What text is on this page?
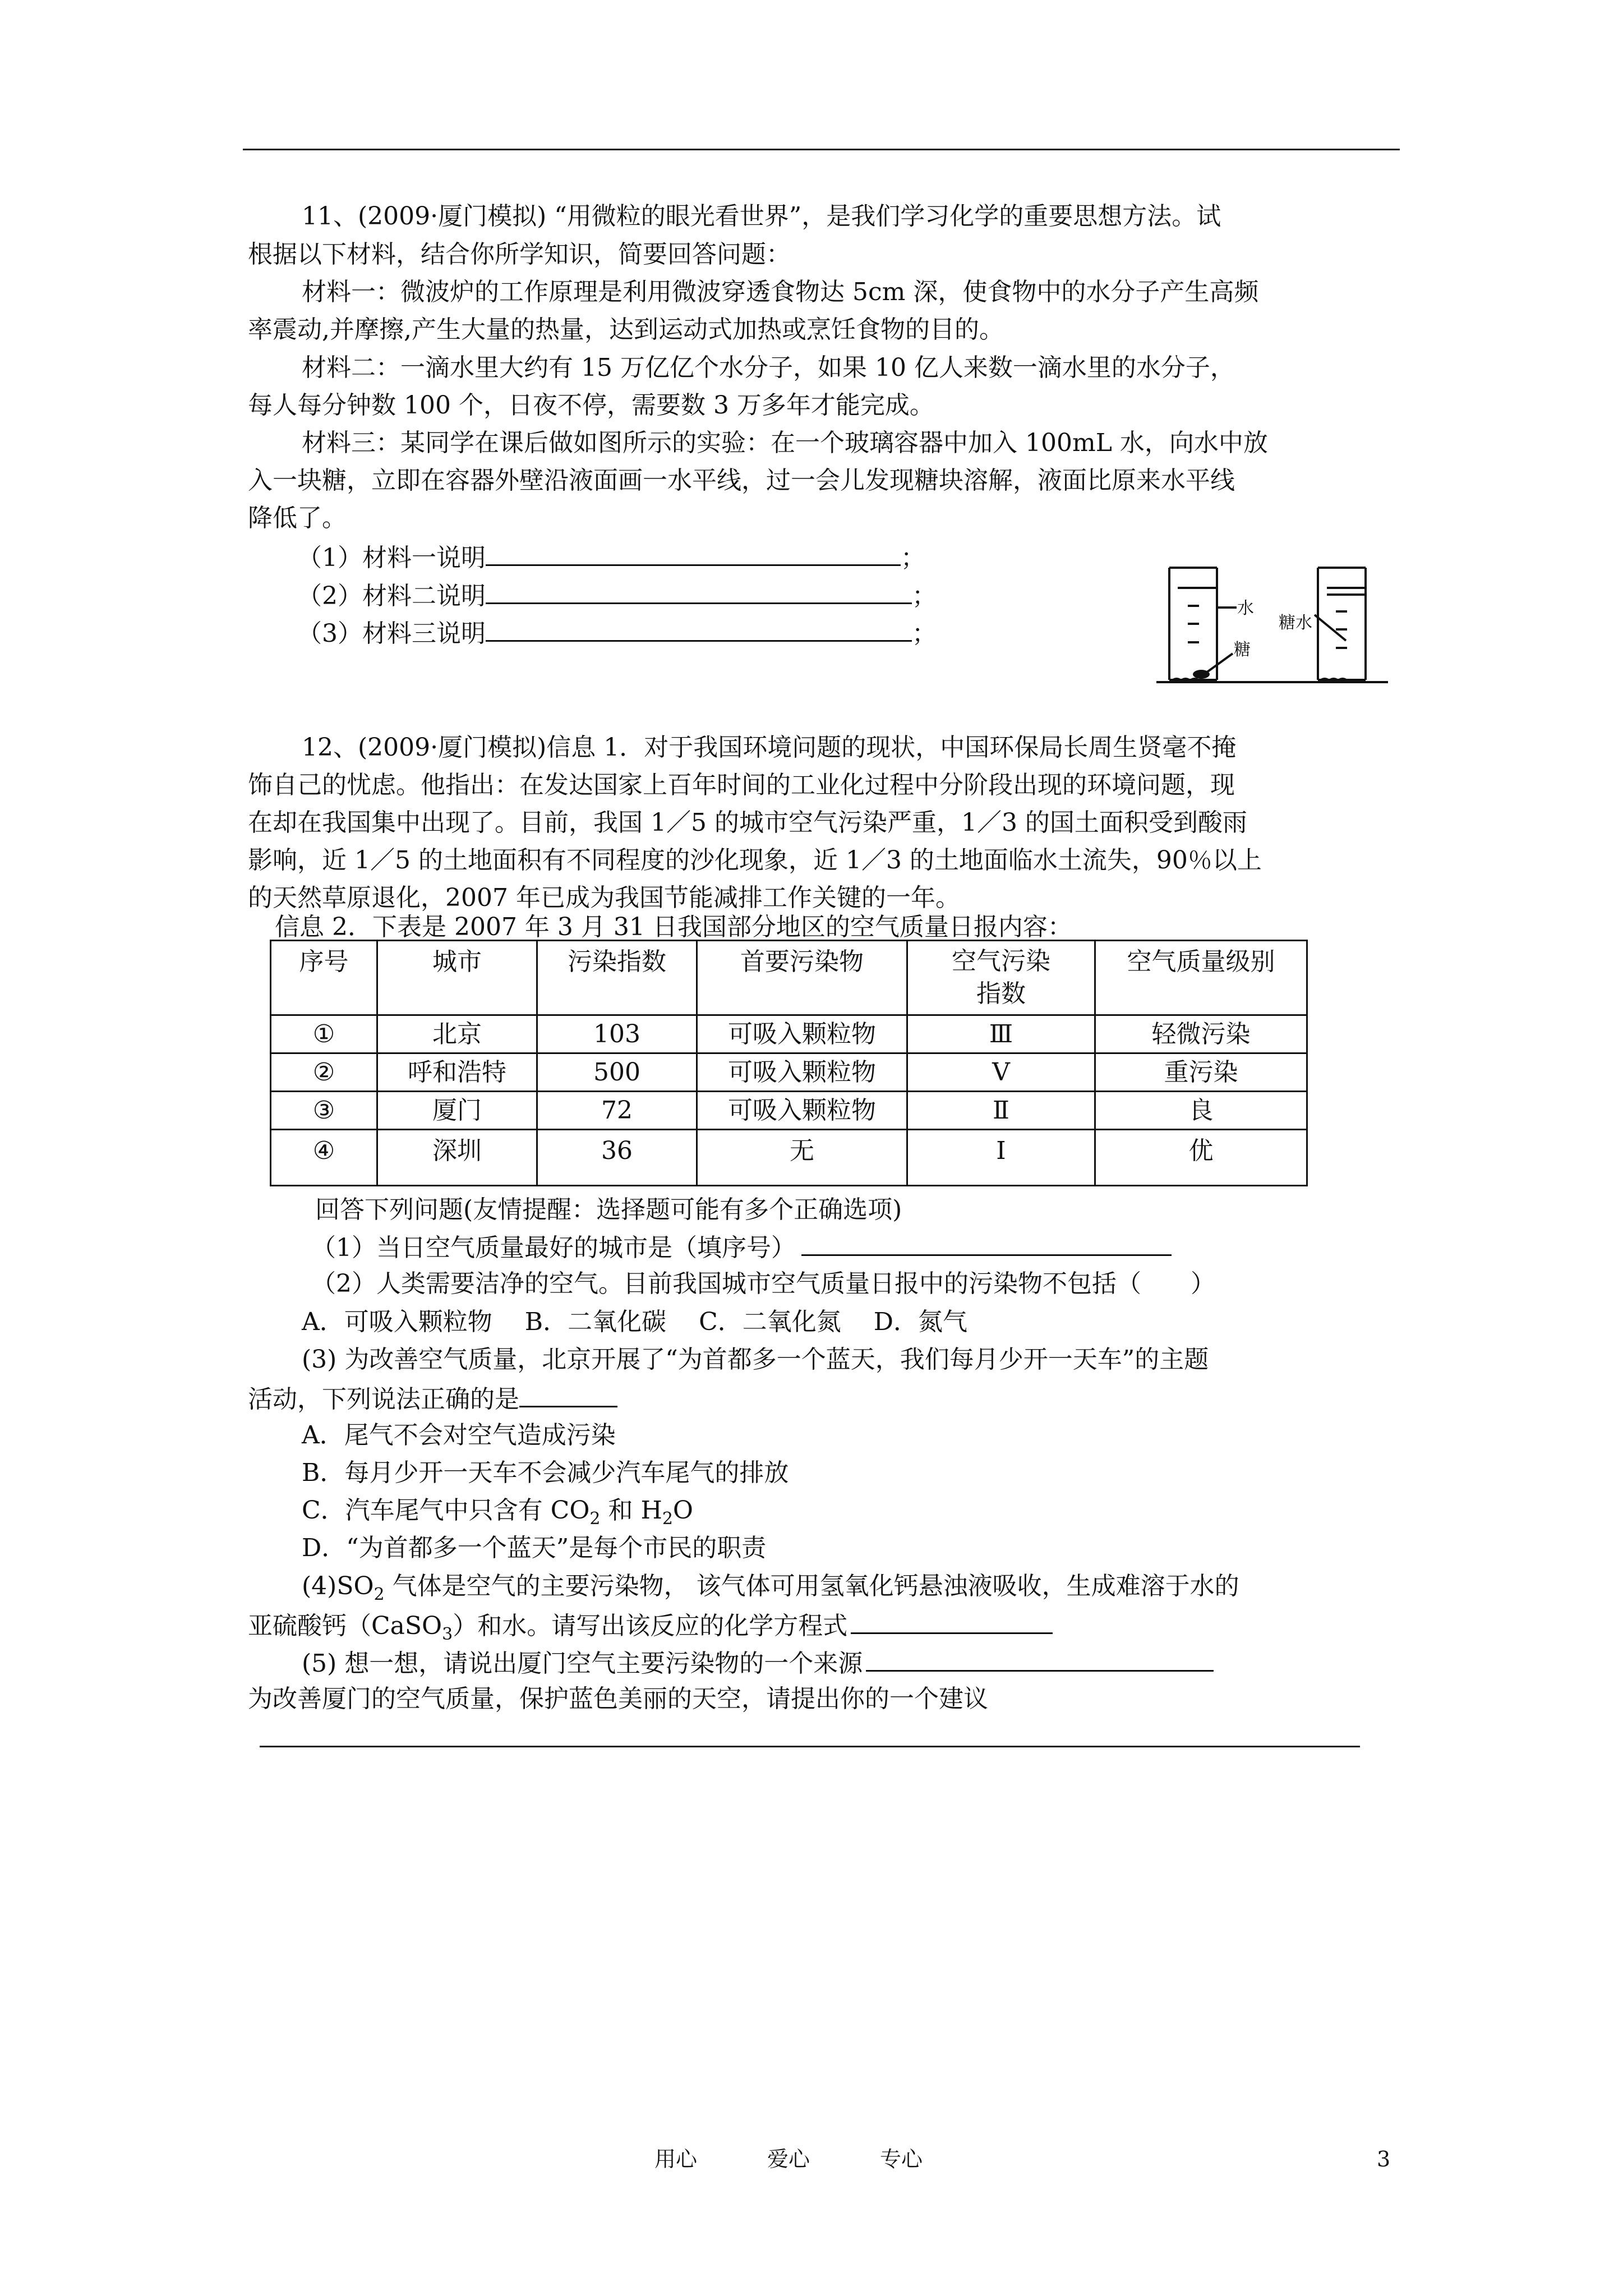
11、(2009·厦门模拟) “用微粒的眼光看世界”，是我们学习化学的重要思想方法。试
根据以下材料，结合你所学知识，简要回答问题：
材料一：微波炉的工作原理是利用微波穿透食物达 5cm 深，使食物中的水分子产生高频
率震动,并摩擦,产生大量的热量，达到运动式加热或烹饪食物的目的。
材料二：一滴水里大约有 15 万亿亿个水分子，如果 10 亿人来数一滴水里的水分子，
每人每分钟数 100 个，日夜不停，需要数 3 万多年才能完成。
材料三：某同学在课后做如图所示的实验：在一个玻璃容器中加入 100mL 水，向水中放
入一块糖，立即在容器外壁沿液面画一水平线，过一会儿发现糖块溶解，液面比原来水平线
降低了。
（1）材料一说明	；
（2）材料二说明	；
（3）材料三说明	；
水
糖
糖水
12、(2009·厦门模拟)信息 1．对于我国环境问题的现状，中国环保局长周生贤毫不掩
饰自己的忧虑。他指出：在发达国家上百年时间的工业化过程中分阶段出现的环境问题，现
在却在我国集中出现了。目前，我国 1／5 的城市空气污染严重，1／3 的国土面积受到酸雨
影响，近 1／5 的土地面积有不同程度的沙化现象，近 1／3 的土地面临水土流失，90％以上
的天然草原退化，2007 年已成为我国节能减排工作关键的一年。
信息 2．下表是 2007 年 3 月 31 日我国部分地区的空气质量日报内容：
序号	城市	污染指数	首要污染物	空气污染
指数	空气质量级别
①	北京	103	可吸入颗粒物	Ⅲ	轻微污染
②	呼和浩特	500	可吸入颗粒物	Ⅴ	重污染
③	厦门	72	可吸入颗粒物	Ⅱ	良
④	深圳	36	无	Ⅰ	优
回答下列问题(友情提醒：选择题可能有多个正确选项)
（1）当日空气质量最好的城市是（填序号）
（2）人类需要洁净的空气。目前我国城市空气质量日报中的污染物不包括（　　）
A．可吸入颗粒物　 B．二氧化碳　 C．二氧化氮　 D．氮气
(3) 为改善空气质量，北京开展了“为首都多一个蓝天，我们每月少开一天车”的主题
活动，下列说法正确的是
A．尾气不会对空气造成污染
B．每月少开一天车不会减少汽车尾气的排放
C．汽车尾气中只含有 $CO_2$ 和 $H_2O$
D．“为首都多一个蓝天”是每个市民的职责
$(4)SO_2$ 气体是空气的主要污染物， 该气体可用氢氧化钙悬浊液吸收，生成难溶于水的
亚硫酸钙（CaSO$_3$）和水。请写出该反应的化学方程式
(5) 想一想，请说出厦门空气主要污染物的一个来源
为改善厦门的空气质量，保护蓝色美丽的天空，请提出你的一个建议
用心	爱心	专心	3
